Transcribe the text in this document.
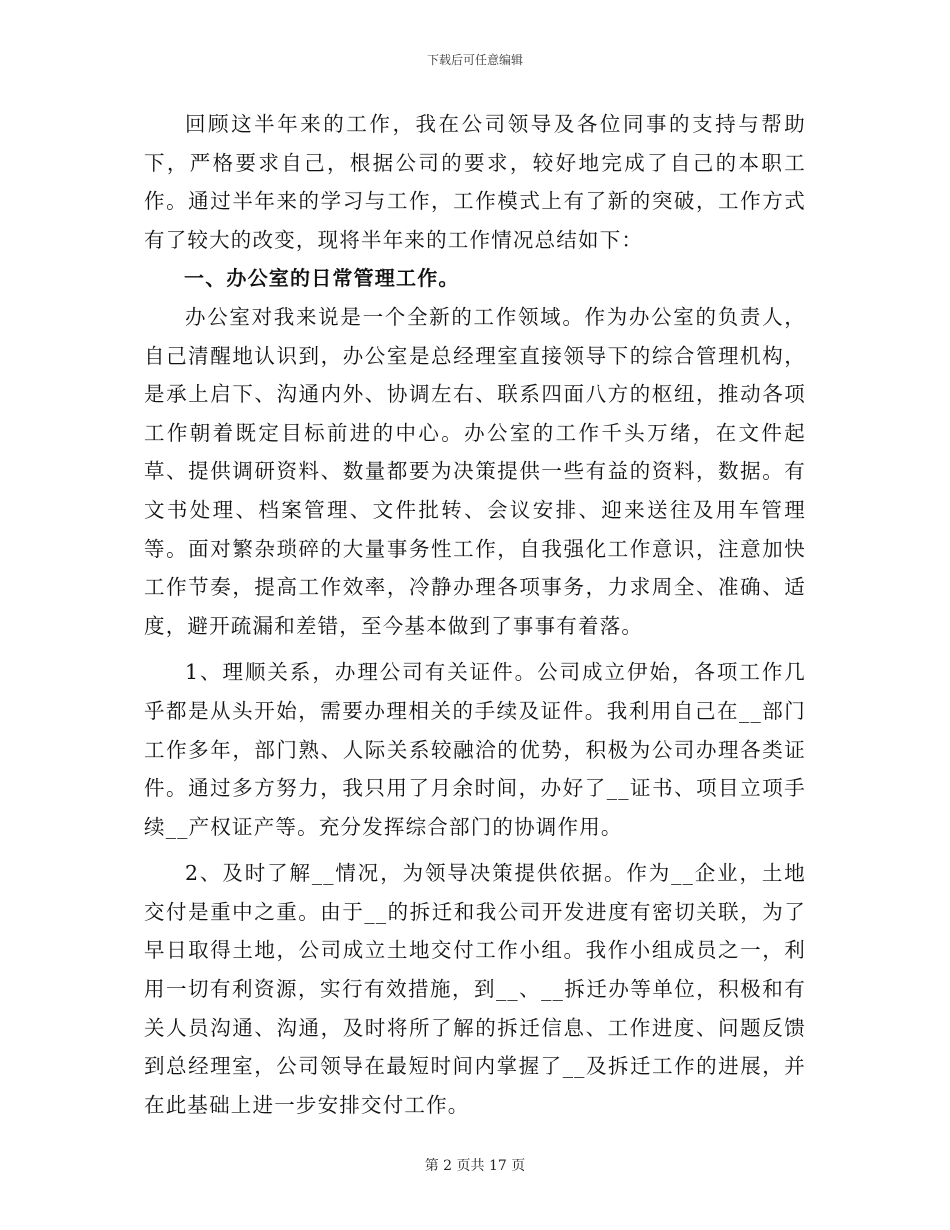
下载后可任意编辑

回顾这半年来的工作，我在公司领导及各位同事的支持与帮助下，严格要求自己，根据公司的要求，较好地完成了自己的本职工作。通过半年来的学习与工作，工作模式上有了新的突破，工作方式有了较大的改变，现将半年来的工作情况总结如下：

一、办公室的日常管理工作。

办公室对我来说是一个全新的工作领域。作为办公室的负责人，自己清醒地认识到，办公室是总经理室直接领导下的综合管理机构，是承上启下、沟通内外、协调左右、联系四面八方的枢纽，推动各项工作朝着既定目标前进的中心。办公室的工作千头万绪，在文件起草、提供调研资料、数量都要为决策提供一些有益的资料，数据。有文书处理、档案管理、文件批转、会议安排、迎来送往及用车管理等。面对繁杂琐碎的大量事务性工作，自我强化工作意识，注意加快工作节奏，提高工作效率，冷静办理各项事务，力求周全、准确、适度，避开疏漏和差错，至今基本做到了事事有着落。

1、理顺关系，办理公司有关证件。公司成立伊始，各项工作几乎都是从头开始，需要办理相关的手续及证件。我利用自己在__部门工作多年，部门熟、人际关系较融洽的优势，积极为公司办理各类证件。通过多方努力，我只用了月余时间，办好了__证书、项目立项手续__产权证产等。充分发挥综合部门的协调作用。

2、及时了解__情况，为领导决策提供依据。作为__企业，土地交付是重中之重。由于__的拆迁和我公司开发进度有密切关联，为了早日取得土地，公司成立土地交付工作小组。我作小组成员之一，利用一切有利资源，实行有效措施，到__、__拆迁办等单位，积极和有关人员沟通、沟通，及时将所了解的拆迁信息、工作进度、问题反馈到总经理室，公司领导在最短时间内掌握了__及拆迁工作的进展，并在此基础上进一步安排交付工作。

第 2 页共 17 页
